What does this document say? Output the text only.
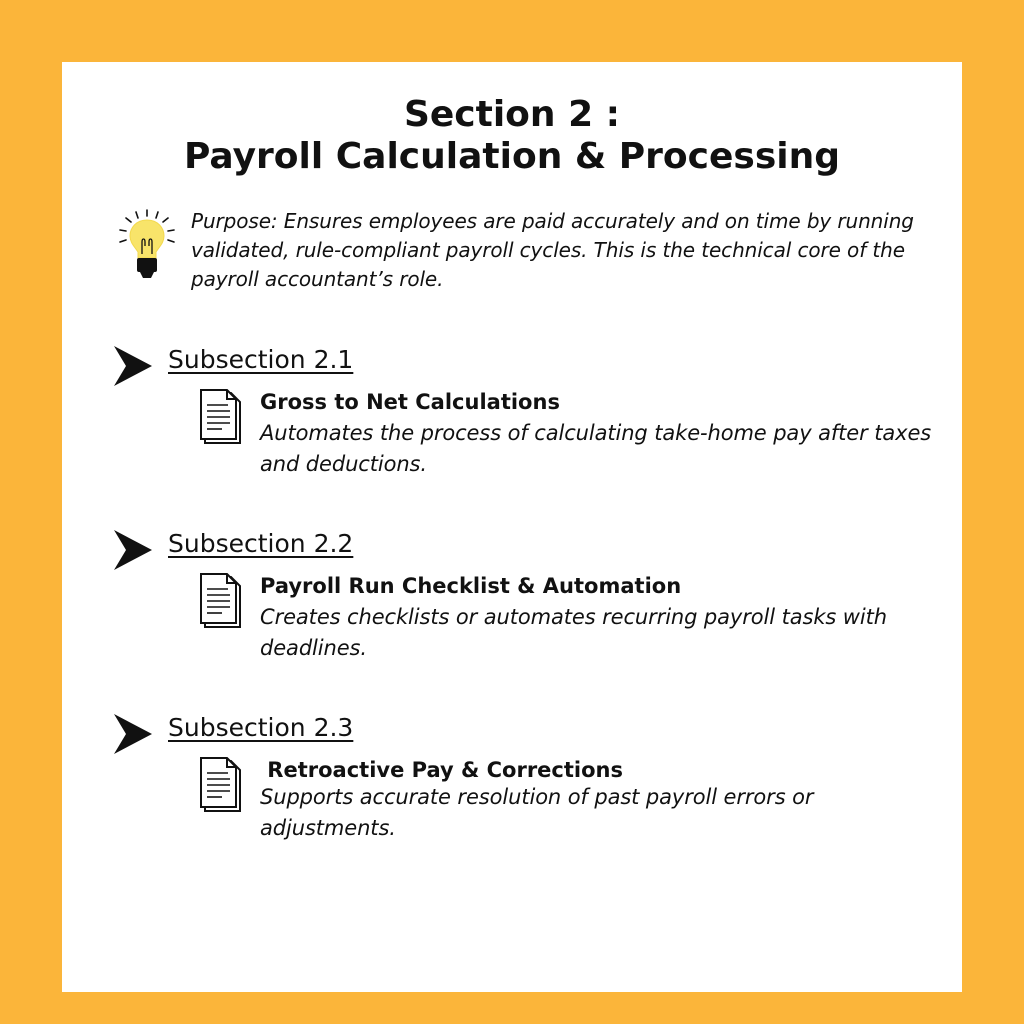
Section 2 :
Payroll Calculation & Processing
Purpose: Ensures employees are paid accurately and on time by running validated, rule-compliant payroll cycles. This is the technical core of the payroll accountant’s role.
Subsection 2.1
Gross to Net Calculations
Automates the process of calculating take-home pay after taxes and deductions.
Subsection 2.2
Payroll Run Checklist & Automation
Creates checklists or automates recurring payroll tasks with deadlines.
Subsection 2.3
Retroactive Pay & Corrections
Supports accurate resolution of past payroll errors or adjustments.
